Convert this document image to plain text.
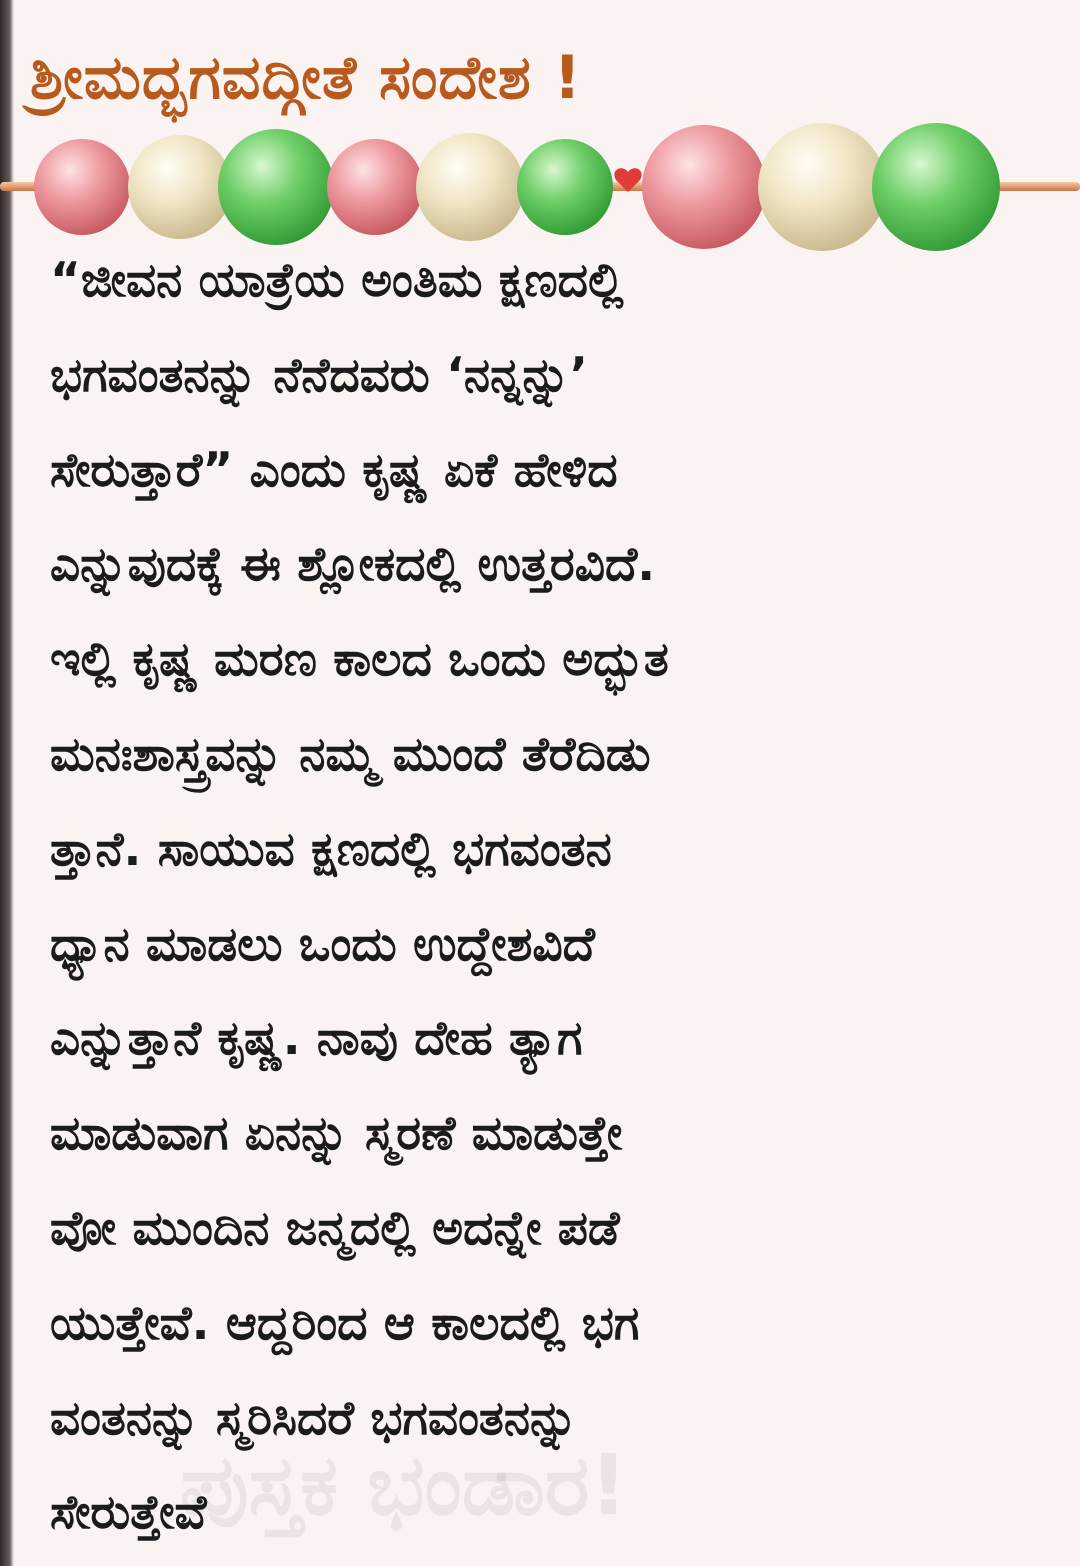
ಪುಸ್ತಕ ಭಂಡಾರ!
ಶ್ರೀಮದ್ಭಗವದ್ಗೀತೆ ಸಂದೇಶ !
“ಜೀವನ ಯಾತ್ರೆಯ ಅಂತಿಮ ಕ್ಷಣದಲ್ಲಿ
ಭಗವಂತನನ್ನು ನೆನೆದವರು ‘ನನ್ನನ್ನು’
ಸೇರುತ್ತಾರೆ” ಎಂದು ಕೃಷ್ಣ ಏಕೆ ಹೇಳಿದ
ಎನ್ನುವುದಕ್ಕೆ ಈ ಶ್ಲೋಕದಲ್ಲಿ ಉತ್ತರವಿದೆ.
ಇಲ್ಲಿ ಕೃಷ್ಣ ಮರಣ ಕಾಲದ ಒಂದು ಅದ್ಭುತ
ಮನಃಶಾಸ್ತ್ರವನ್ನು ನಮ್ಮ ಮುಂದೆ ತೆರೆದಿಡು
ತ್ತಾನೆ. ಸಾಯುವ ಕ್ಷಣದಲ್ಲಿ ಭಗವಂತನ
ಧ್ಯಾನ ಮಾಡಲು ಒಂದು ಉದ್ದೇಶವಿದೆ
ಎನ್ನುತ್ತಾನೆ ಕೃಷ್ಣ. ನಾವು ದೇಹ ತ್ಯಾಗ
ಮಾಡುವಾಗ ಏನನ್ನು ಸ್ಮರಣೆ ಮಾಡುತ್ತೇ
ವೋ ಮುಂದಿನ ಜನ್ಮದಲ್ಲಿ ಅದನ್ನೇ ಪಡೆ
ಯುತ್ತೇವೆ. ಆದ್ದರಿಂದ ಆ ಕಾಲದಲ್ಲಿ ಭಗ
ವಂತನನ್ನು ಸ್ಮರಿಸಿದರೆ ಭಗವಂತನನ್ನು
ಸೇರುತ್ತೇವೆ
